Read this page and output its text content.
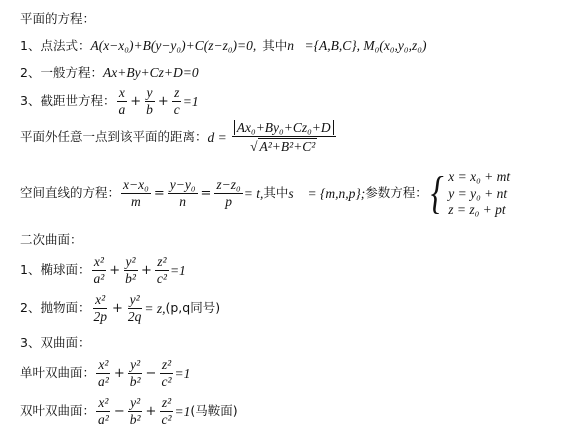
平面的方程：
1、点法式： A(x−x₀)+B(y−y₀)+C(z−z₀)=0, 其中 n⃗={A,B,C}, M₀(x₀,y₀,z₀)
2、一般方程： Ax+By+Cz+D=0
3、截距世方程： $\frac{x}{a} + \frac{y}{b} + \frac{z}{c} =1$
平面外任意一点到该平面的距离： $d = \frac{\text{Ax₀+By₀+Cz₀+D}}{\text{√ A²+B²+C²}}$
空间直线的方程： $\frac{\text{x−x₀}}{m} = \frac{\text{y−y₀}}{n} = \frac{\text{z−z₀}}{p} = t$, 其中 s⃗ = {m,n,p}; 参数方程： { x = x₀ + mt
y = y₀ + nt
z = z₀ + pt
二次曲面：
1、椭球面： $\frac{\text{x²}}{\text{a²}} + \frac{\text{y²}}{\text{b²}} + \frac{\text{z²}}{\text{c²}} =1$
2、抛物面： $\frac{\text{x²}}{2p} + \frac{\text{y²}}{2q} = z$, (p,q同号)
3、双曲面：
单叶双曲面： $\frac{\text{x²}}{\text{a²}} + \frac{\text{y²}}{\text{b²}} - \frac{\text{z²}}{\text{c²}} =1$
双叶双曲面： $\frac{\text{x²}}{\text{a²}} - \frac{\text{y²}}{\text{b²}} + \frac{\text{z²}}{\text{c²}} =1$ (马鞍面)
